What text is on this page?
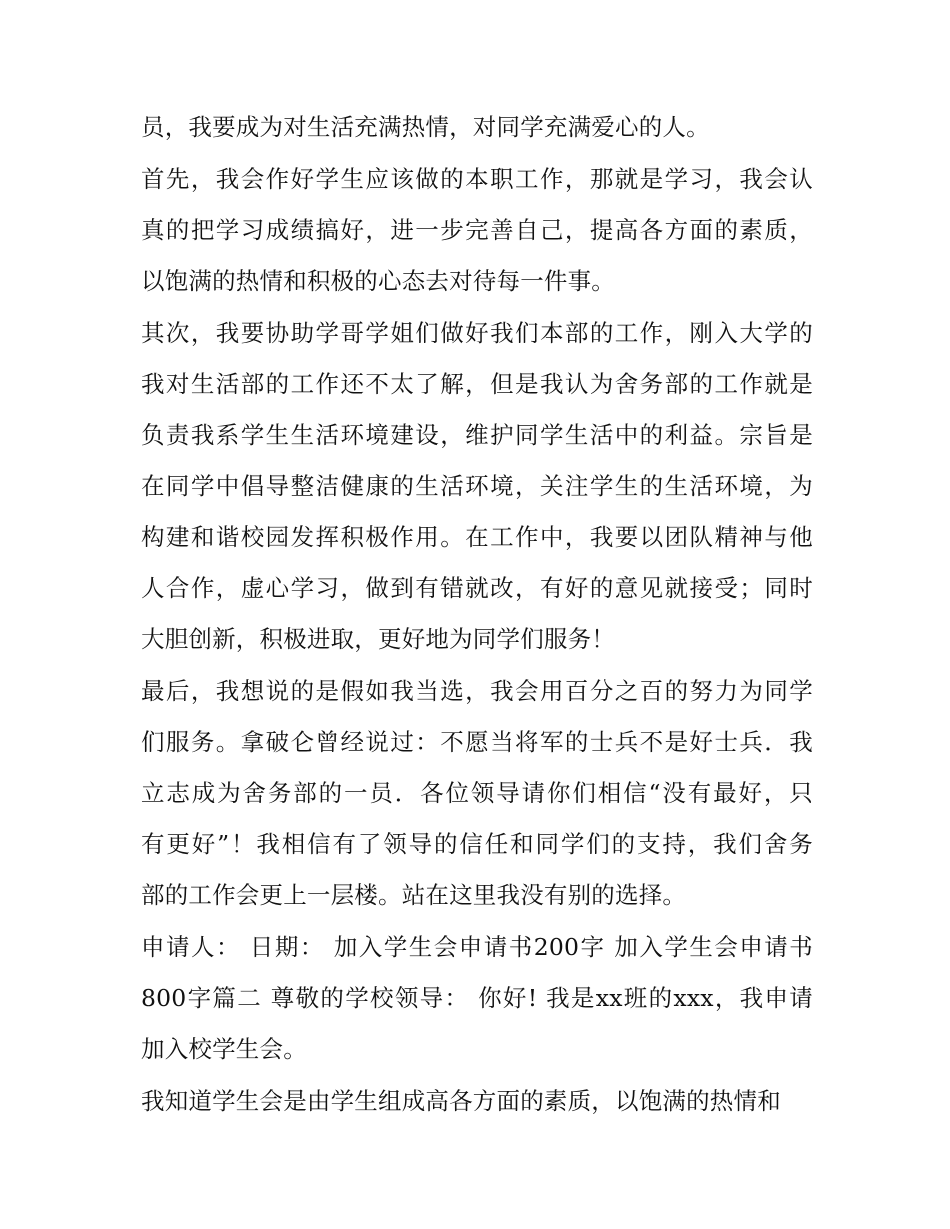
员，我要成为对生活充满热情，对同学充满爱心的人。
首先，我会作好学生应该做的本职工作，那就是学习，我会认
真的把学习成绩搞好，进一步完善自己，提高各方面的素质，
以饱满的热情和积极的心态去对待每一件事。
其次，我要协助学哥学姐们做好我们本部的工作，刚入大学的
我对生活部的工作还不太了解，但是我认为舍务部的工作就是
负责我系学生生活环境建设，维护同学生活中的利益。宗旨是
在同学中倡导整洁健康的生活环境，关注学生的生活环境，为
构建和谐校园发挥积极作用。在工作中，我要以团队精神与他
人合作，虚心学习，做到有错就改，有好的意见就接受；同时
大胆创新，积极进取，更好地为同学们服务！
最后，我想说的是假如我当选，我会用百分之百的努力为同学
们服务。拿破仑曾经说过：不愿当将军的士兵不是好士兵．我
立志成为舍务部的一员．各位领导请你们相信“没有最好，只
有更好”！我相信有了领导的信任和同学们的支持，我们舍务
部的工作会更上一层楼。站在这里我没有别的选择。
申请人： 日期： 加入学生会申请书200字 加入学生会申请书
800字篇二 尊敬的学校领导： 你好! 我是xx班的xxx，我申请
加入校学生会。
我知道学生会是由学生组成高各方面的素质，以饱满的热情和
